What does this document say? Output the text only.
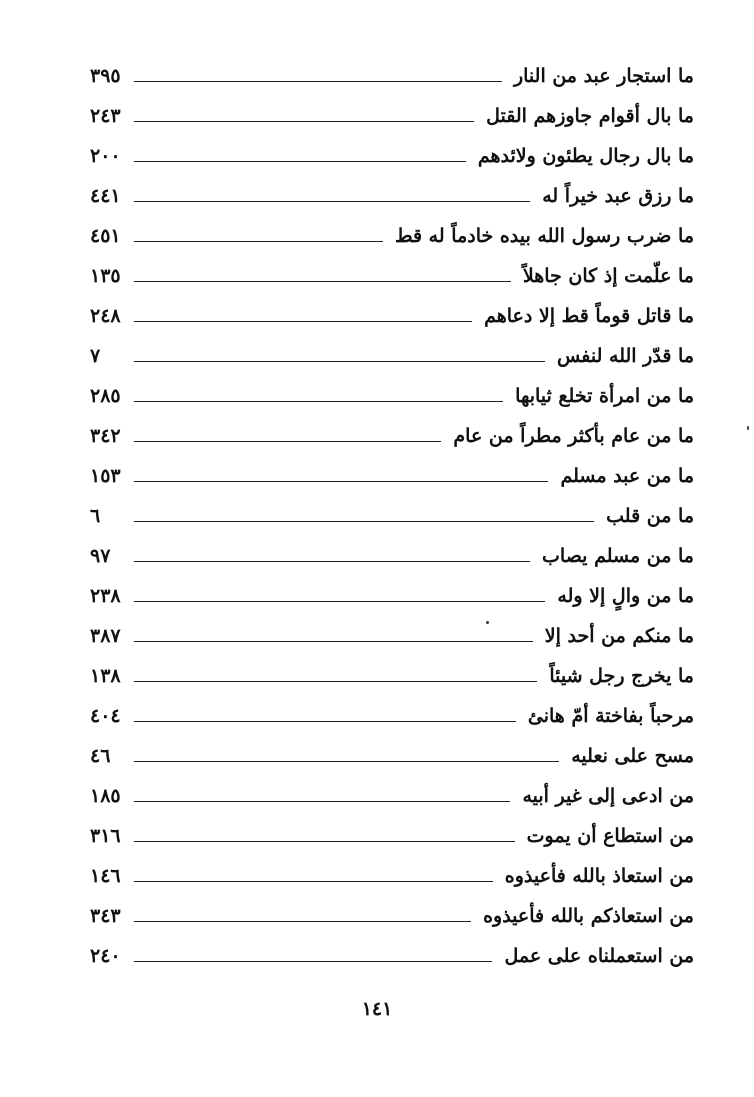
٣٩٥	ما استجار عبد من النار
٢٤٣	ما بال أقوام جاوزهم القتل
٢٠٠	ما بال رجال يطئون ولائدهم
٤٤١	ما رزق عبد خيراً له
٤٥١	ما ضرب رسول الله بيده خادماً له قط
١٣٥	ما علّمت إذ كان جاهلاً
٢٤٨	ما قاتل قوماً قط إلا دعاهم
٧	ما قدّر الله لنفس
٢٨٥	ما من امرأة تخلع ثيابها
٣٤٢	ما من عام بأكثر مطراً من عام
١٥٣	ما من عبد مسلم
٦	ما من قلب
٩٧	ما من مسلم يصاب
٢٣٨	ما من والٍ إلا وله
٣٨٧	ما منكم من أحد إلا
١٣٨	ما يخرج رجل شيئاً
٤٠٤	مرحباً بفاختة أمّ هانئ
٤٦	مسح على نعليه
١٨٥	من ادعى إلى غير أبيه
٣١٦	من استطاع أن يموت
١٤٦	من استعاذ بالله فأعيذوه
٣٤٣	من استعاذكم بالله فأعيذوه
٢٤٠	من استعملناه على عمل
١٤١
